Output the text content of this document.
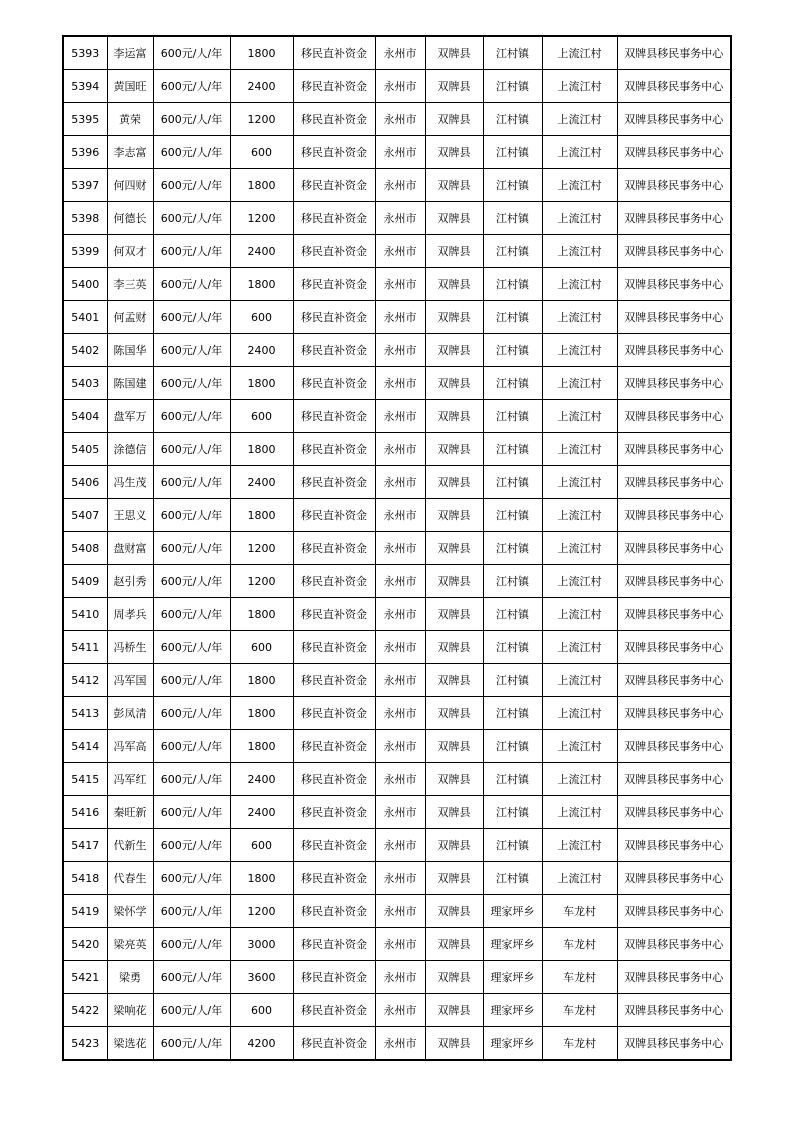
5393	李运富	600元/人/年	1800	移民直补资金	永州市	双牌县	江村镇	上流江村	双牌县移民事务中心
5394	黄国旺	600元/人/年	2400	移民直补资金	永州市	双牌县	江村镇	上流江村	双牌县移民事务中心
5395	黄荣	600元/人/年	1200	移民直补资金	永州市	双牌县	江村镇	上流江村	双牌县移民事务中心
5396	李志富	600元/人/年	600	移民直补资金	永州市	双牌县	江村镇	上流江村	双牌县移民事务中心
5397	何四财	600元/人/年	1800	移民直补资金	永州市	双牌县	江村镇	上流江村	双牌县移民事务中心
5398	何德长	600元/人/年	1200	移民直补资金	永州市	双牌县	江村镇	上流江村	双牌县移民事务中心
5399	何双才	600元/人/年	2400	移民直补资金	永州市	双牌县	江村镇	上流江村	双牌县移民事务中心
5400	李三英	600元/人/年	1800	移民直补资金	永州市	双牌县	江村镇	上流江村	双牌县移民事务中心
5401	何孟财	600元/人/年	600	移民直补资金	永州市	双牌县	江村镇	上流江村	双牌县移民事务中心
5402	陈国华	600元/人/年	2400	移民直补资金	永州市	双牌县	江村镇	上流江村	双牌县移民事务中心
5403	陈国建	600元/人/年	1800	移民直补资金	永州市	双牌县	江村镇	上流江村	双牌县移民事务中心
5404	盘军万	600元/人/年	600	移民直补资金	永州市	双牌县	江村镇	上流江村	双牌县移民事务中心
5405	涂德信	600元/人/年	1800	移民直补资金	永州市	双牌县	江村镇	上流江村	双牌县移民事务中心
5406	冯生茂	600元/人/年	2400	移民直补资金	永州市	双牌县	江村镇	上流江村	双牌县移民事务中心
5407	王思义	600元/人/年	1800	移民直补资金	永州市	双牌县	江村镇	上流江村	双牌县移民事务中心
5408	盘财富	600元/人/年	1200	移民直补资金	永州市	双牌县	江村镇	上流江村	双牌县移民事务中心
5409	赵引秀	600元/人/年	1200	移民直补资金	永州市	双牌县	江村镇	上流江村	双牌县移民事务中心
5410	周孝兵	600元/人/年	1800	移民直补资金	永州市	双牌县	江村镇	上流江村	双牌县移民事务中心
5411	冯桥生	600元/人/年	600	移民直补资金	永州市	双牌县	江村镇	上流江村	双牌县移民事务中心
5412	冯军国	600元/人/年	1800	移民直补资金	永州市	双牌县	江村镇	上流江村	双牌县移民事务中心
5413	彭凤清	600元/人/年	1800	移民直补资金	永州市	双牌县	江村镇	上流江村	双牌县移民事务中心
5414	冯军高	600元/人/年	1800	移民直补资金	永州市	双牌县	江村镇	上流江村	双牌县移民事务中心
5415	冯军红	600元/人/年	2400	移民直补资金	永州市	双牌县	江村镇	上流江村	双牌县移民事务中心
5416	秦旺新	600元/人/年	2400	移民直补资金	永州市	双牌县	江村镇	上流江村	双牌县移民事务中心
5417	代新生	600元/人/年	600	移民直补资金	永州市	双牌县	江村镇	上流江村	双牌县移民事务中心
5418	代春生	600元/人/年	1800	移民直补资金	永州市	双牌县	江村镇	上流江村	双牌县移民事务中心
5419	梁怀学	600元/人/年	1200	移民直补资金	永州市	双牌县	理家坪乡	车龙村	双牌县移民事务中心
5420	梁亮英	600元/人/年	3000	移民直补资金	永州市	双牌县	理家坪乡	车龙村	双牌县移民事务中心
5421	梁勇	600元/人/年	3600	移民直补资金	永州市	双牌县	理家坪乡	车龙村	双牌县移民事务中心
5422	梁响花	600元/人/年	600	移民直补资金	永州市	双牌县	理家坪乡	车龙村	双牌县移民事务中心
5423	梁选花	600元/人/年	4200	移民直补资金	永州市	双牌县	理家坪乡	车龙村	双牌县移民事务中心
